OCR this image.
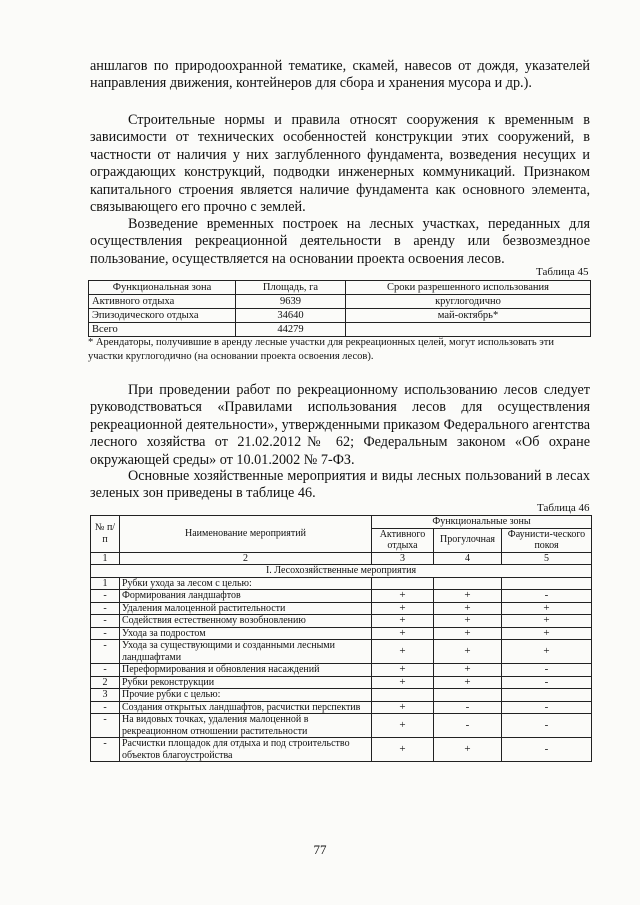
аншлагов по природоохранной тематике, скамей, навесов от дождя, указателей направления движения, контейнеров для сбора и хранения мусора и др.).

Строительные нормы и правила относят сооружения к временным в зависимости от технических особенностей конструкции этих сооружений, в частности от наличия у них заглубленного фундамента, возведения несущих и ограждающих конструкций, подводки инженерных коммуникаций. Признаком капитального строения является наличие фундамента как основного элемента, связывающего его прочно с землей.

Возведение временных построек на лесных участках, переданных для осуществления рекреационной деятельности в аренду или безвозмездное пользование, осуществляется на основании проекта освоения лесов.

Таблица 45
Функциональная зона	Площадь, га	Сроки разрешенного использования
Активного отдыха	9639	круглогодично
Эпизодического отдыха	34640	май-октябрь*
Всего	44279	

* Арендаторы, получившие в аренду лесные участки для рекреационных целей, могут использовать эти участки круглогодично (на основании проекта освоения лесов).

При проведении работ по рекреационному использованию лесов следует руководствоваться «Правилами использования лесов для осуществления рекреационной деятельности», утвержденными приказом Федерального агентства лесного хозяйства от 21.02.2012№ 62; Федеральным законом «Об охране окружающей среды» от 10.01.2002 № 7-ФЗ.

Основные хозяйственные мероприятия и виды лесных пользований в лесах зеленых зон приведены в таблице 46.

Таблица 46
№ п/п	Наименование мероприятий	Функциональные зоны		
		Активного отдыха	Прогулочная	Фаунисти-ческого покоя
1	2	3	4	5
I. Лесохозяйственные мероприятия				
1	Рубки ухода за лесом с целью:			
-	Формирования ландшафтов	+	+	-
-	Удаления малоценной растительности	+	+	+
-	Содействия естественному возобновлению	+	+	+
-	Ухода за подростом	+	+	+
-	Ухода за существующими и созданными лесными ландшафтами	+	+	+
-	Переформирования и обновления насаждений	+	+	-
2	Рубки реконструкции	+	+	-
3	Прочие рубки с целью:			
-	Создания открытых ландшафтов, расчистки перспектив	+	-	-
-	На видовых точках, удаления малоценной в рекреационном отношении растительности	+	-	-
-	Расчистки площадок для отдыха и под строительство объектов благоустройства	+	+	-
77
